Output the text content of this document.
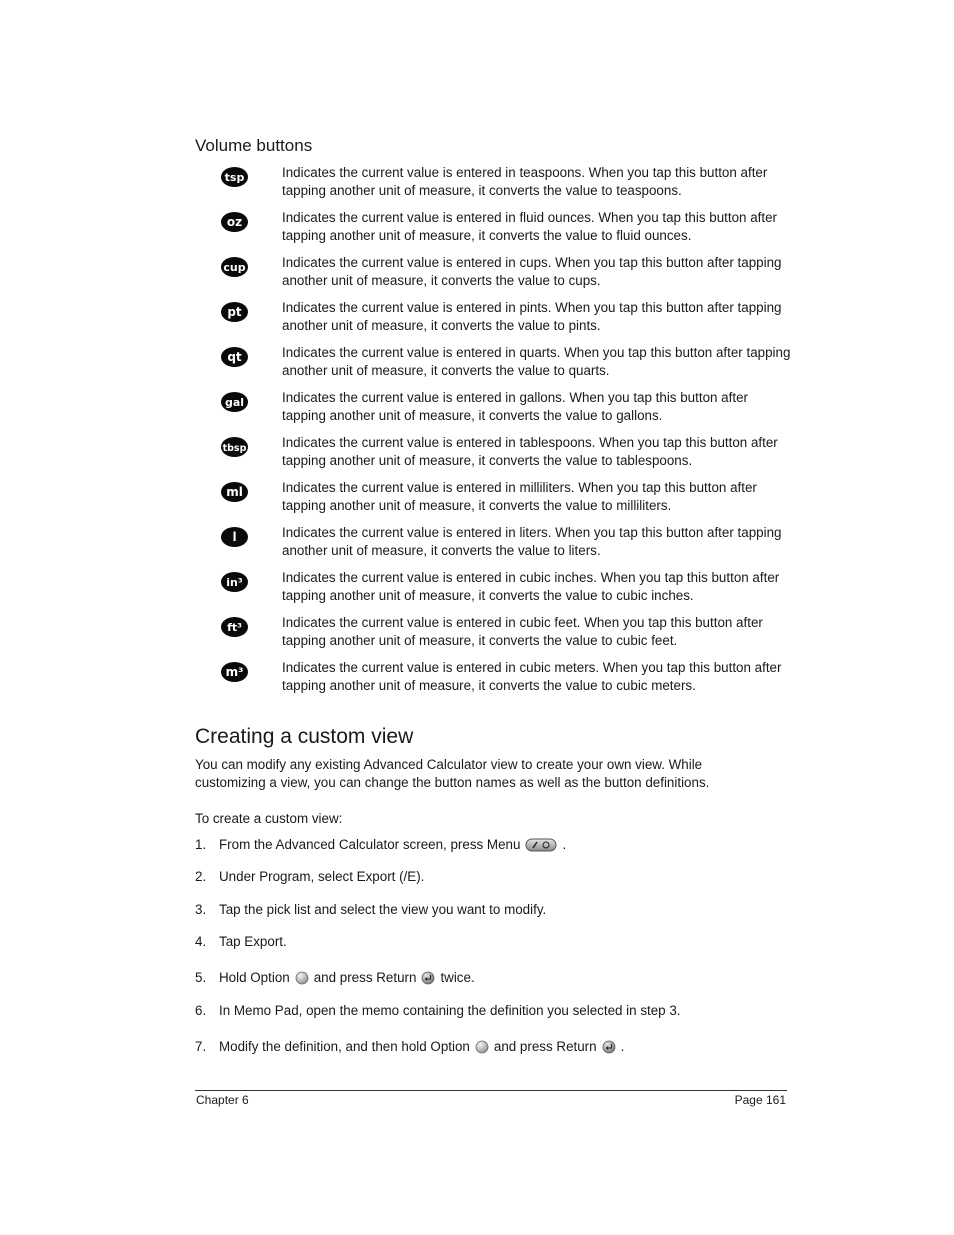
Volume buttons
tsp	Indicates the current value is entered in teaspoons. When you tap this button after tapping another unit of measure, it converts the value to teaspoons.

oz	Indicates the current value is entered in fluid ounces. When you tap this button after tapping another unit of measure, it converts the value to fluid ounces.

cup	Indicates the current value is entered in cups. When you tap this button after tapping another unit of measure, it converts the value to cups.

pt	Indicates the current value is entered in pints. When you tap this button after tapping another unit of measure, it converts the value to pints.

qt	Indicates the current value is entered in quarts. When you tap this button after tapping another unit of measure, it converts the value to quarts.

gal	Indicates the current value is entered in gallons. When you tap this button after tapping another unit of measure, it converts the value to gallons.

tbsp	Indicates the current value is entered in tablespoons. When you tap this button after tapping another unit of measure, it converts the value to tablespoons.

ml	Indicates the current value is entered in milliliters. When you tap this button after tapping another unit of measure, it converts the value to milliliters.

l	Indicates the current value is entered in liters. When you tap this button after tapping another unit of measure, it converts the value to liters.

in³	Indicates the current value is entered in cubic inches. When you tap this button after tapping another unit of measure, it converts the value to cubic inches.

ft³	Indicates the current value is entered in cubic feet. When you tap this button after tapping another unit of measure, it converts the value to cubic feet.

m³	Indicates the current value is entered in cubic meters. When you tap this button after tapping another unit of measure, it converts the value to cubic meters.

Creating a custom view

You can modify any existing Advanced Calculator view to create your own view. While customizing a view, you can change the button names as well as the button definitions.

To create a custom view:

1. From the Advanced Calculator screen, press Menu	.
2. Under Program, select Export (/E).
3. Tap the pick list and select the view you want to modify.
4. Tap Export.
5. Hold Option and press Return twice.
6. In Memo Pad, open the memo containing the definition you selected in step 3.
7. Modify the definition, and then hold Option and press Return .
Chapter 6	Page 161
